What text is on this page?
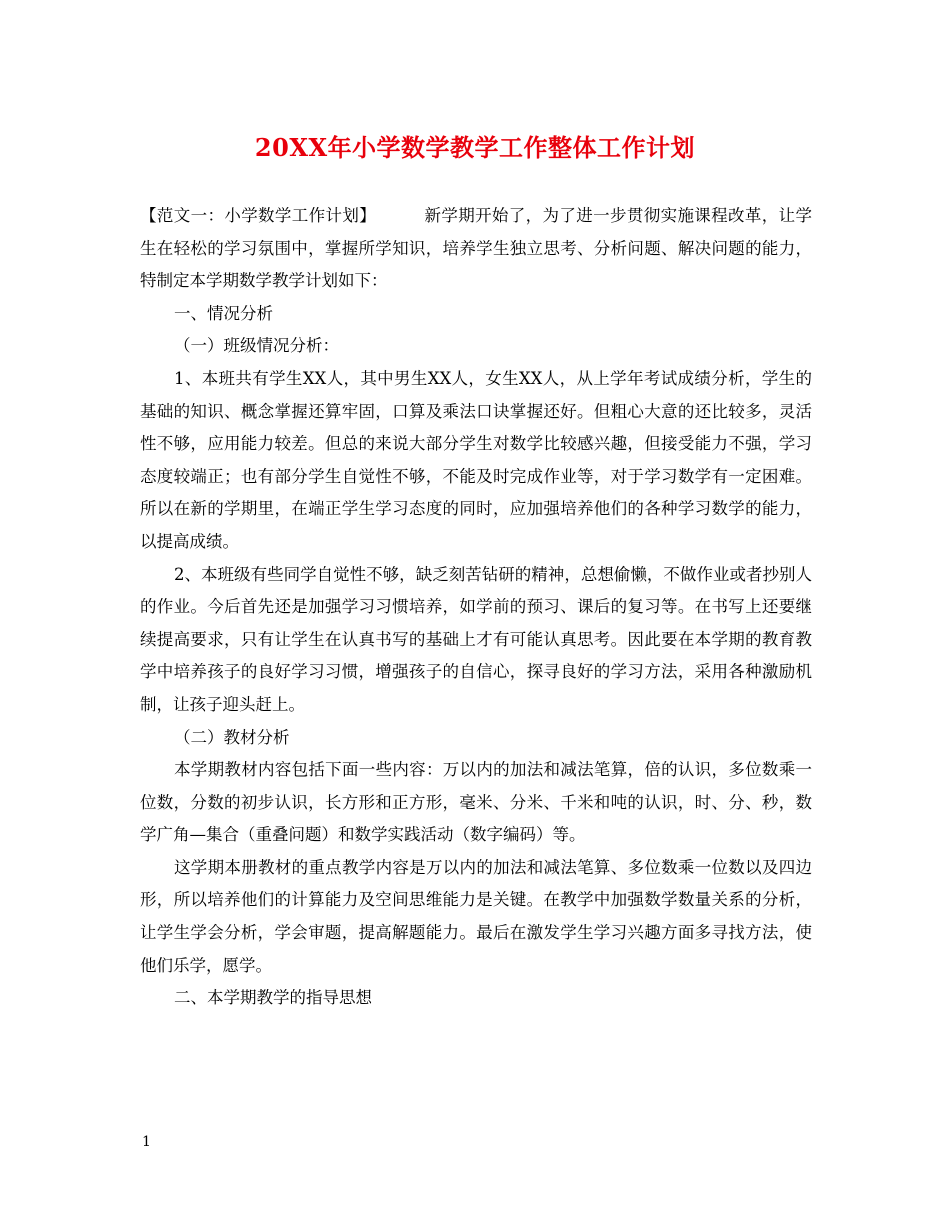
20XX年小学数学教学工作整体工作计划

【范文一：小学数学工作计划】	新学期开始了，为了进一步贯彻实施课程改革，让学生在轻松的学习氛围中，掌握所学知识，培养学生独立思考、分析问题、解决问题的能力，特制定本学期数学教学计划如下：

一、情况分析

（一）班级情况分析：

1、本班共有学生XX人，其中男生XX人，女生XX人，从上学年考试成绩分析，学生的基础的知识、概念掌握还算牢固，口算及乘法口诀掌握还好。但粗心大意的还比较多，灵活性不够，应用能力较差。但总的来说大部分学生对数学比较感兴趣，但接受能力不强，学习态度较端正；也有部分学生自觉性不够，不能及时完成作业等，对于学习数学有一定困难。所以在新的学期里，在端正学生学习态度的同时，应加强培养他们的各种学习数学的能力，以提高成绩。

2、本班级有些同学自觉性不够，缺乏刻苦钻研的精神，总想偷懒，不做作业或者抄别人的作业。今后首先还是加强学习习惯培养，如学前的预习、课后的复习等。在书写上还要继续提高要求，只有让学生在认真书写的基础上才有可能认真思考。因此要在本学期的教育教学中培养孩子的良好学习习惯，增强孩子的自信心，探寻良好的学习方法，采用各种激励机制，让孩子迎头赶上。

（二）教材分析

本学期教材内容包括下面一些内容：万以内的加法和减法笔算，倍的认识，多位数乘一位数，分数的初步认识，长方形和正方形，毫米、分米、千米和吨的认识，时、分、秒，数学广角—集合（重叠问题）和数学实践活动（数字编码）等。

这学期本册教材的重点教学内容是万以内的加法和减法笔算、多位数乘一位数以及四边形，所以培养他们的计算能力及空间思维能力是关键。在教学中加强数学数量关系的分析，让学生学会分析，学会审题，提高解题能力。最后在激发学生学习兴趣方面多寻找方法，使他们乐学，愿学。

二、本学期教学的指导思想

1
